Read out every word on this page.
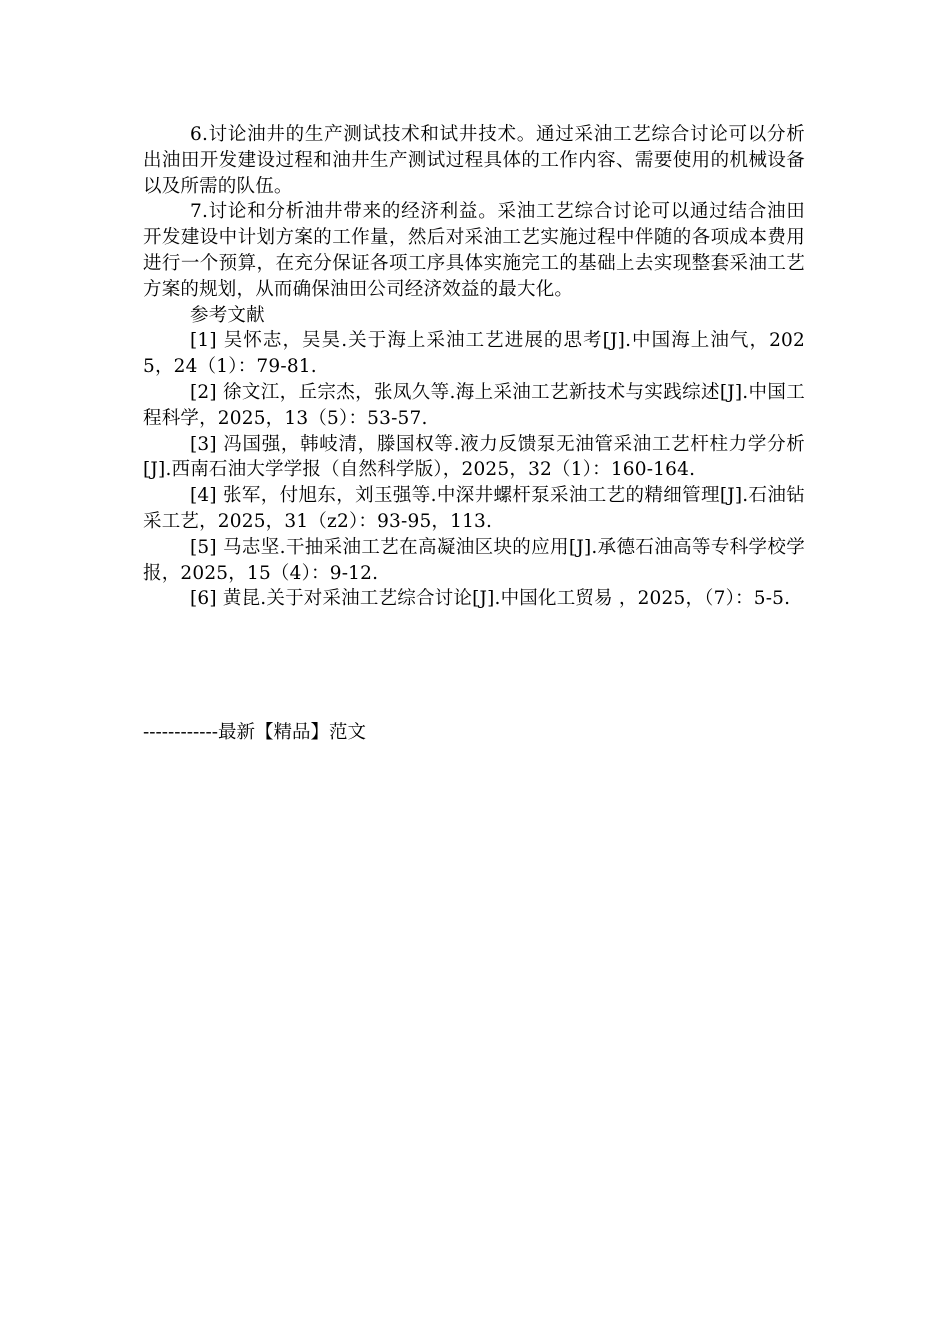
6.讨论油井的生产测试技术和试井技术。通过采油工艺综合讨论可以分析出油田开发建设过程和油井生产测试过程具体的工作内容、需要使用的机械设备以及所需的队伍。

7.讨论和分析油井带来的经济利益。采油工艺综合讨论可以通过结合油田开发建设中计划方案的工作量，然后对采油工艺实施过程中伴随的各项成本费用进行一个预算，在充分保证各项工序具体实施完工的基础上去实现整套采油工艺方案的规划，从而确保油田公司经济效益的最大化。

参考文献

[1] 吴怀志，吴昊.关于海上采油工艺进展的思考[J].中国海上油气，2025，24（1）：79-81.

[2] 徐文江，丘宗杰，张凤久等.海上采油工艺新技术与实践综述[J].中国工程科学，2025，13（5）：53-57.

[3] 冯国强，韩岐清，滕国权等.液力反馈泵无油管采油工艺杆柱力学分析[J].西南石油大学学报（自然科学版），2025，32（1）：160-164.

[4] 张军，付旭东，刘玉强等.中深井螺杆泵采油工艺的精细管理[J].石油钻采工艺，2025，31（z2）：93-95，113.

[5] 马志坚.干抽采油工艺在高凝油区块的应用[J].承德石油高等专科学校学报，2025，15（4）：9-12.

[6] 黄昆.关于对采油工艺综合讨论[J].中国化工贸易 ，2025，（7）：5-5.

------------最新【精品】范文
